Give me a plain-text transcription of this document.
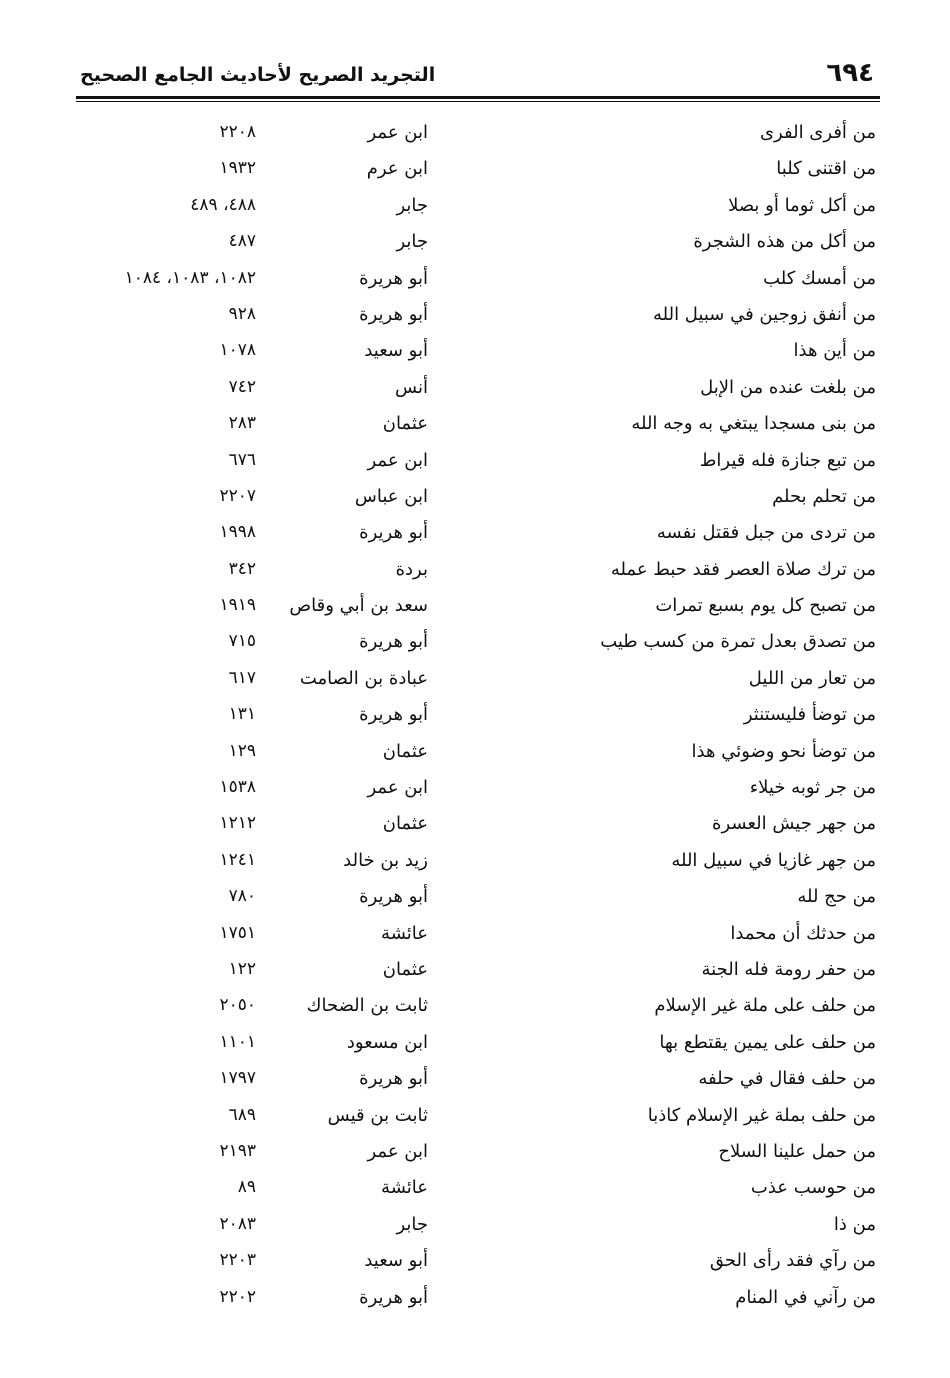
٦٩٤
التجريد الصريح لأحاديث الجامع الصحيح
من أفرى الفرى
ابن عمر
٢٢٠٨
من اقتنى كلبا
ابن عرم
١٩٣٢
من أكل ثوما أو بصلا
جابر
٤٨٨، ٤٨٩
من أكل من هذه الشجرة
جابر
٤٨٧
من أمسك كلب
أبو هريرة
١٠٨٢، ١٠٨٣، ١٠٨٤
من أنفق زوجين في سبيل الله
أبو هريرة
٩٢٨
من أين هذا
أبو سعيد
١٠٧٨
من بلغت عنده من الإبل
أنس
٧٤٢
من بنى مسجدا يبتغي به وجه الله
عثمان
٢٨٣
من تبع جنازة فله قيراط
ابن عمر
٦٧٦
من تحلم بحلم
ابن عباس
٢٢٠٧
من تردى من جبل فقتل نفسه
أبو هريرة
١٩٩٨
من ترك صلاة العصر فقد حبط عمله
بردة
٣٤٢
من تصبح كل يوم بسبع تمرات
سعد بن أبي وقاص
١٩١٩
من تصدق بعدل تمرة من كسب طيب
أبو هريرة
٧١٥
من تعار من الليل
عبادة بن الصامت
٦١٧
من توضأ فليستنثر
أبو هريرة
١٣١
من توضأ نحو وضوئي هذا
عثمان
١٢٩
من جر ثوبه خيلاء
ابن عمر
١٥٣٨
من جهر جيش العسرة
عثمان
١٢١٢
من جهر غازيا في سبيل الله
زيد بن خالد
١٢٤١
من حج لله
أبو هريرة
٧٨٠
من حدثك أن محمدا
عائشة
١٧٥١
من حفر رومة فله الجنة
عثمان
١٢٢
من حلف على ملة غير الإسلام
ثابت بن الضحاك
٢٠٥٠
من حلف على يمين يقتطع بها
ابن مسعود
١١٠١
من حلف فقال في حلفه
أبو هريرة
١٧٩٧
من حلف بملة غير الإسلام كاذبا
ثابت بن قيس
٦٨٩
من حمل علينا السلاح
ابن عمر
٢١٩٣
من حوسب عذب
عائشة
٨٩
من ذا
جابر
٢٠٨٣
من رآي فقد رأى الحق
أبو سعيد
٢٢٠٣
من رآني في المنام
أبو هريرة
٢٢٠٢
